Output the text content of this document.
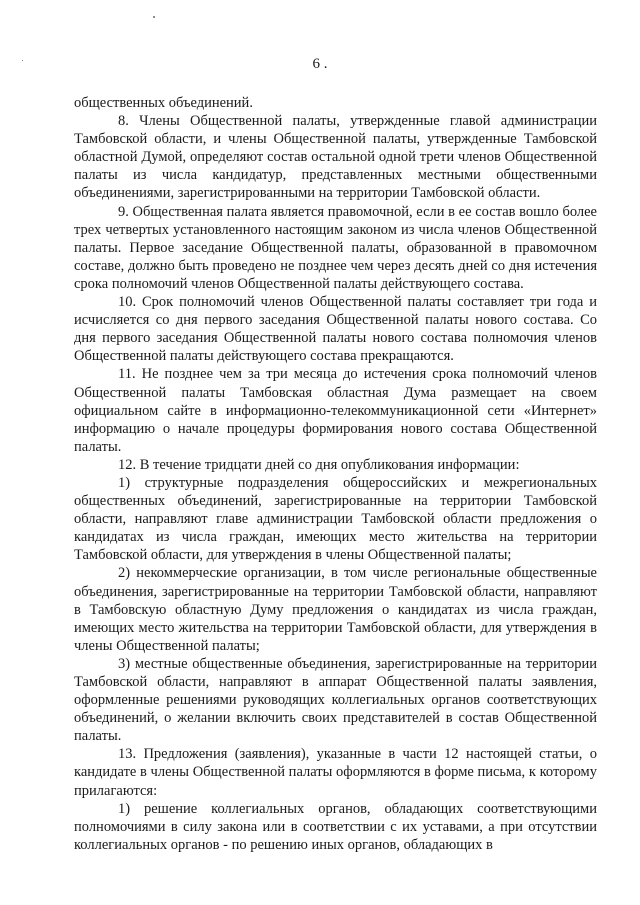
6 .

общественных объединений.

8. Члены Общественной палаты, утвержденные главой администрации Тамбовской области, и члены Общественной палаты, утвержденные Тамбовской областной Думой, определяют состав остальной одной трети членов Общественной палаты из числа кандидатур, представленных местными общественными объединениями, зарегистрированными на территории Тамбовской области.

9. Общественная палата является правомочной, если в ее состав вошло более трех четвертых установленного настоящим законом из числа членов Общественной палаты. Первое заседание Общественной палаты, образованной в правомочном составе, должно быть проведено не позднее чем через десять дней со дня истечения срока полномочий членов Общественной палаты действующего состава.

10. Срок полномочий членов Общественной палаты составляет три года и исчисляется со дня первого заседания Общественной палаты нового состава. Со дня первого заседания Общественной палаты нового состава полномочия членов Общественной палаты действующего состава прекращаются.

11. Не позднее чем за три месяца до истечения срока полномочий членов Общественной палаты Тамбовская областная Дума размещает на своем официальном сайте в информационно-телекоммуникационной сети «Интернет» информацию о начале процедуры формирования нового состава Общественной палаты.

12. В течение тридцати дней со дня опубликования информации:

1) структурные подразделения общероссийских и межрегиональных общественных объединений, зарегистрированные на территории Тамбовской области, направляют главе администрации Тамбовской области предложения о кандидатах из числа граждан, имеющих место жительства на территории Тамбовской области, для утверждения в члены Общественной палаты;

2) некоммерческие организации, в том числе региональные общественные объединения, зарегистрированные на территории Тамбовской области, направляют в Тамбовскую областную Думу предложения о кандидатах из числа граждан, имеющих место жительства на территории Тамбовской области, для утверждения в члены Общественной палаты;

3) местные общественные объединения, зарегистрированные на территории Тамбовской области, направляют в аппарат Общественной палаты заявления, оформленные решениями руководящих коллегиальных органов соответствующих объединений, о желании включить своих представителей в состав Общественной палаты.

13. Предложения (заявления), указанные в части 12 настоящей статьи, о кандидате в члены Общественной палаты оформляются в форме письма, к которому прилагаются:

1) решение коллегиальных органов, обладающих соответствующими полномочиями в силу закона или в соответствии с их уставами, а при отсутствии коллегиальных органов - по решению иных органов, обладающих в
